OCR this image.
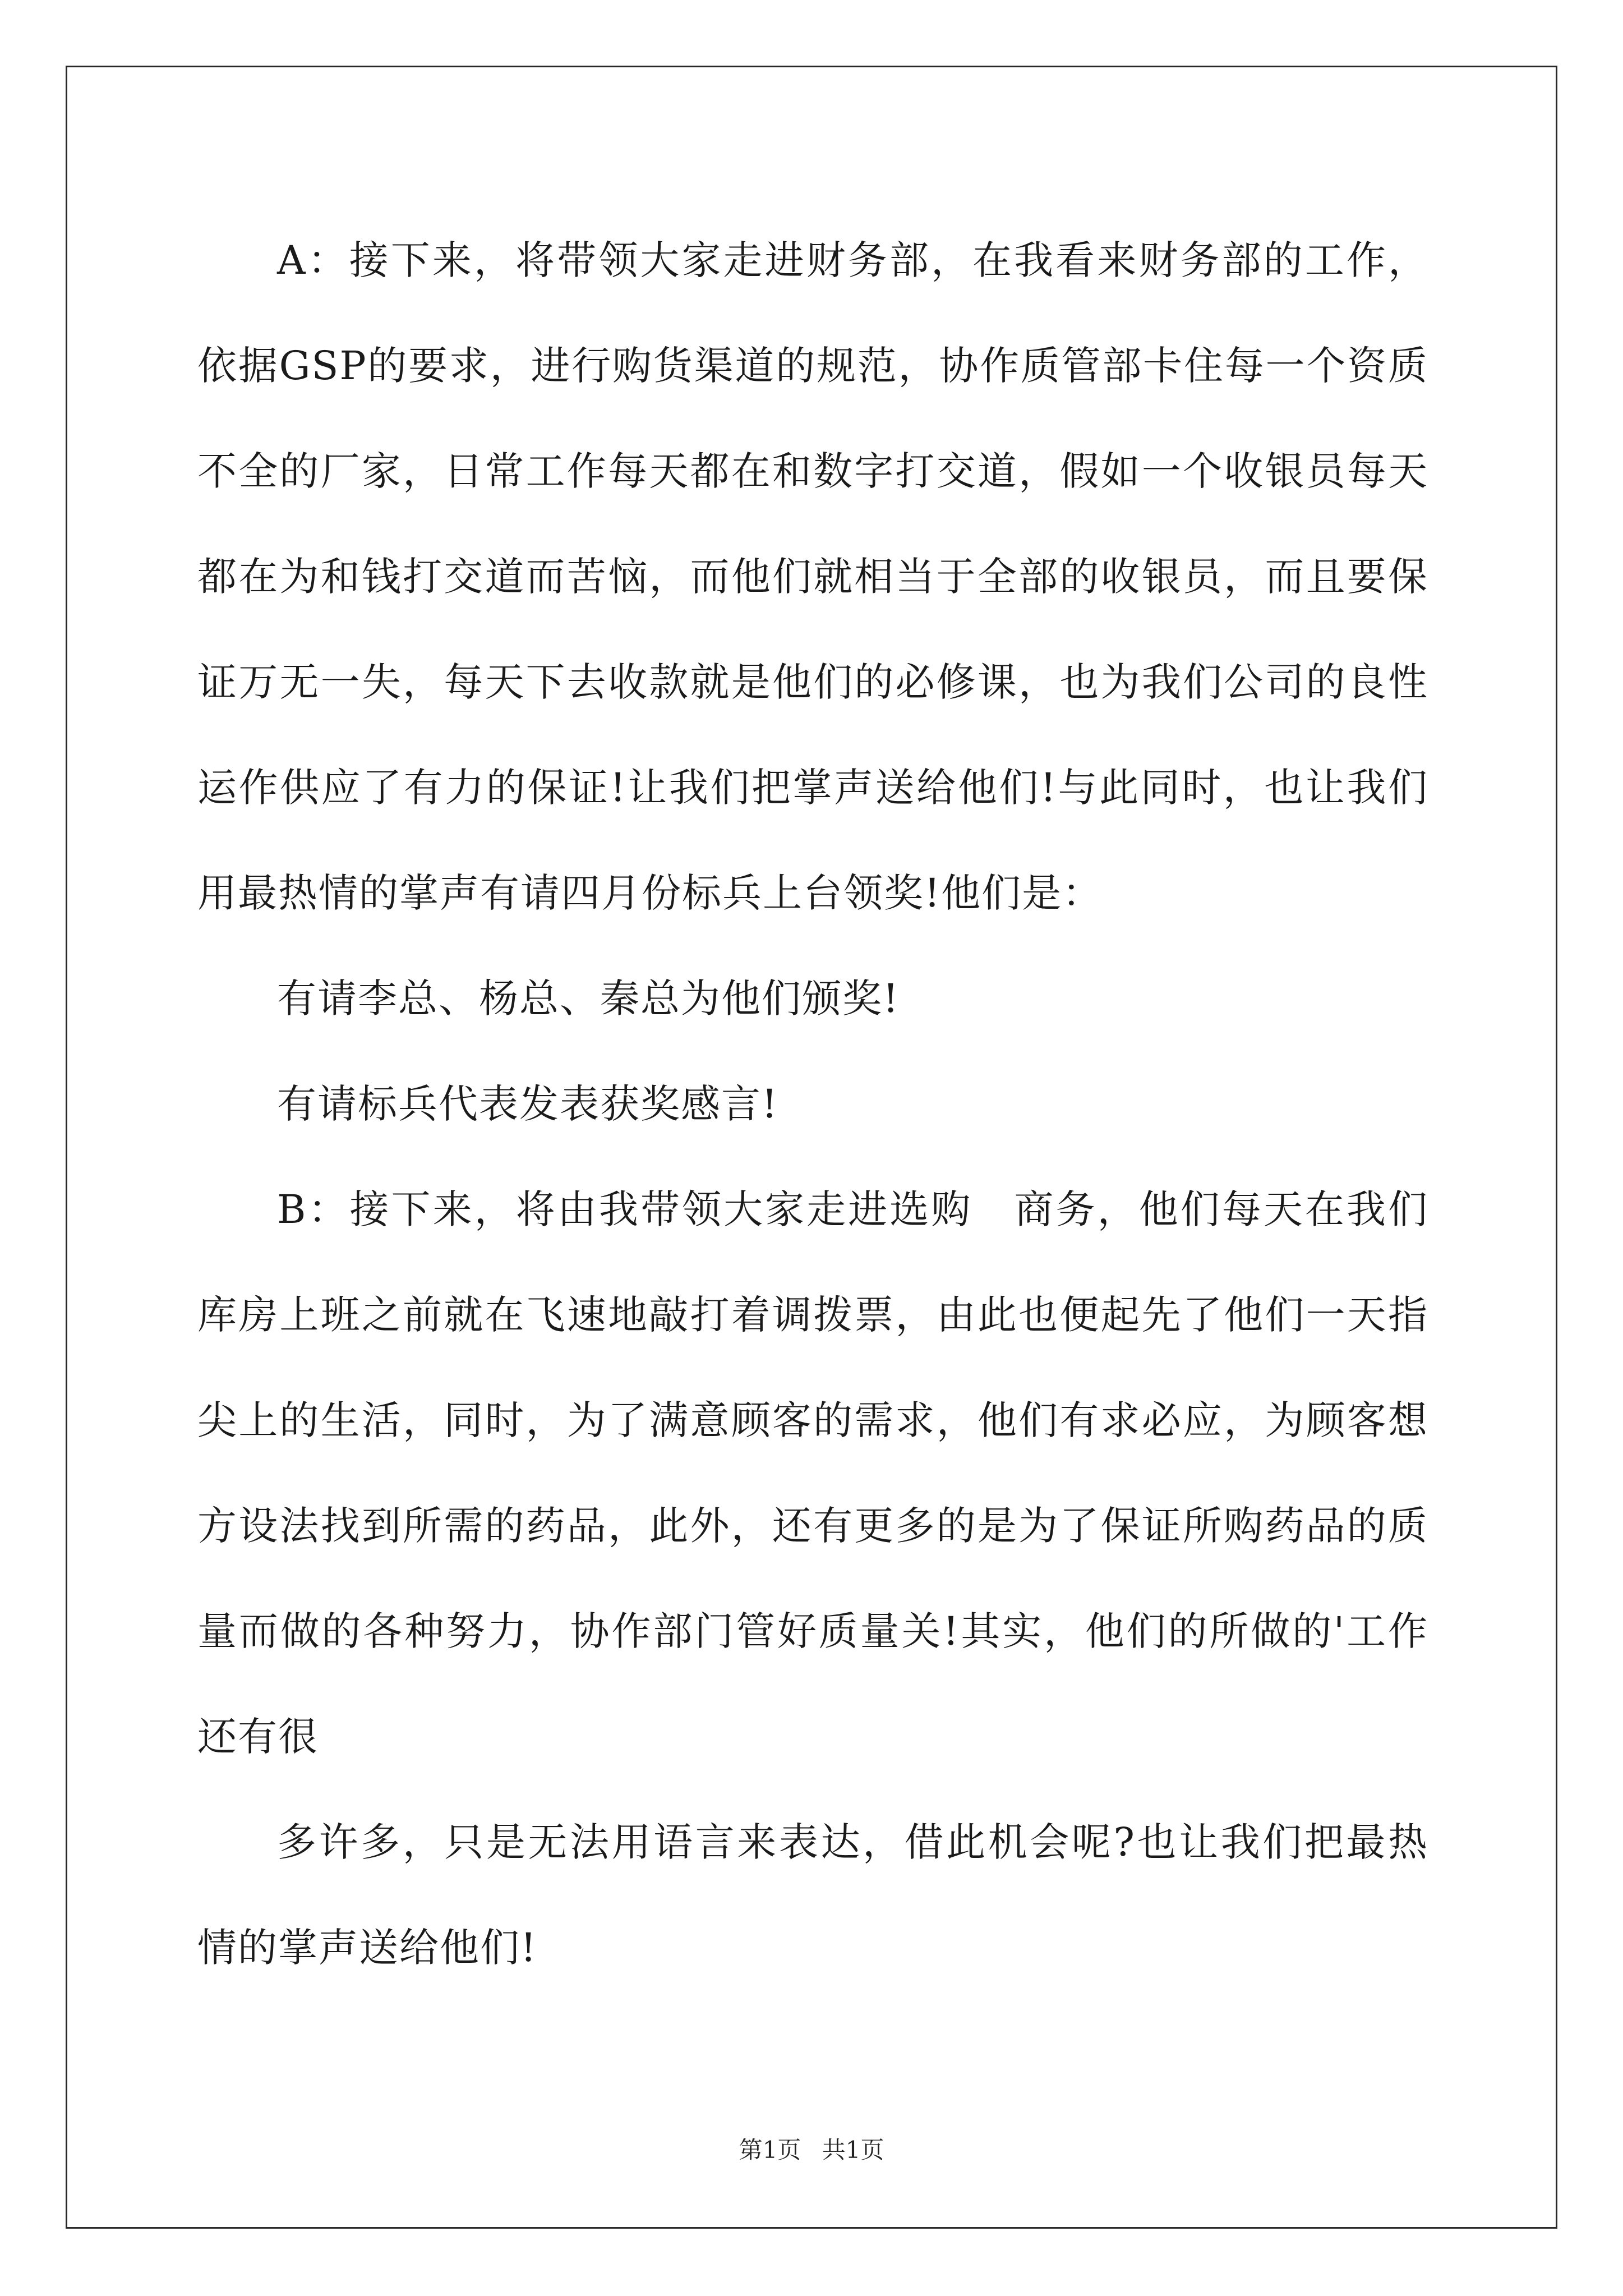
A：接下来，将带领大家走进财务部，在我看来财务部的工作，依据GSP的要求，进行购货渠道的规范，协作质管部卡住每一个资质不全的厂家，日常工作每天都在和数字打交道，假如一个收银员每天都在为和钱打交道而苦恼，而他们就相当于全部的收银员，而且要保证万无一失，每天下去收款就是他们的必修课，也为我们公司的良性运作供应了有力的保证!让我们把掌声送给他们!与此同时，也让我们用最热情的掌声有请四月份标兵上台领奖!他们是：

有请李总、杨总、秦总为他们颁奖!

有请标兵代表发表获奖感言!

B：接下来，将由我带领大家走进选购　商务，他们每天在我们库房上班之前就在飞速地敲打着调拨票，由此也便起先了他们一天指尖上的生活，同时，为了满意顾客的需求，他们有求必应，为顾客想方设法找到所需的药品，此外，还有更多的是为了保证所购药品的质量而做的各种努力，协作部门管好质量关!其实，他们的所做的'工作还有很

多许多，只是无法用语言来表达，借此机会呢?也让我们把最热情的掌声送给他们!

第1页 共1页
